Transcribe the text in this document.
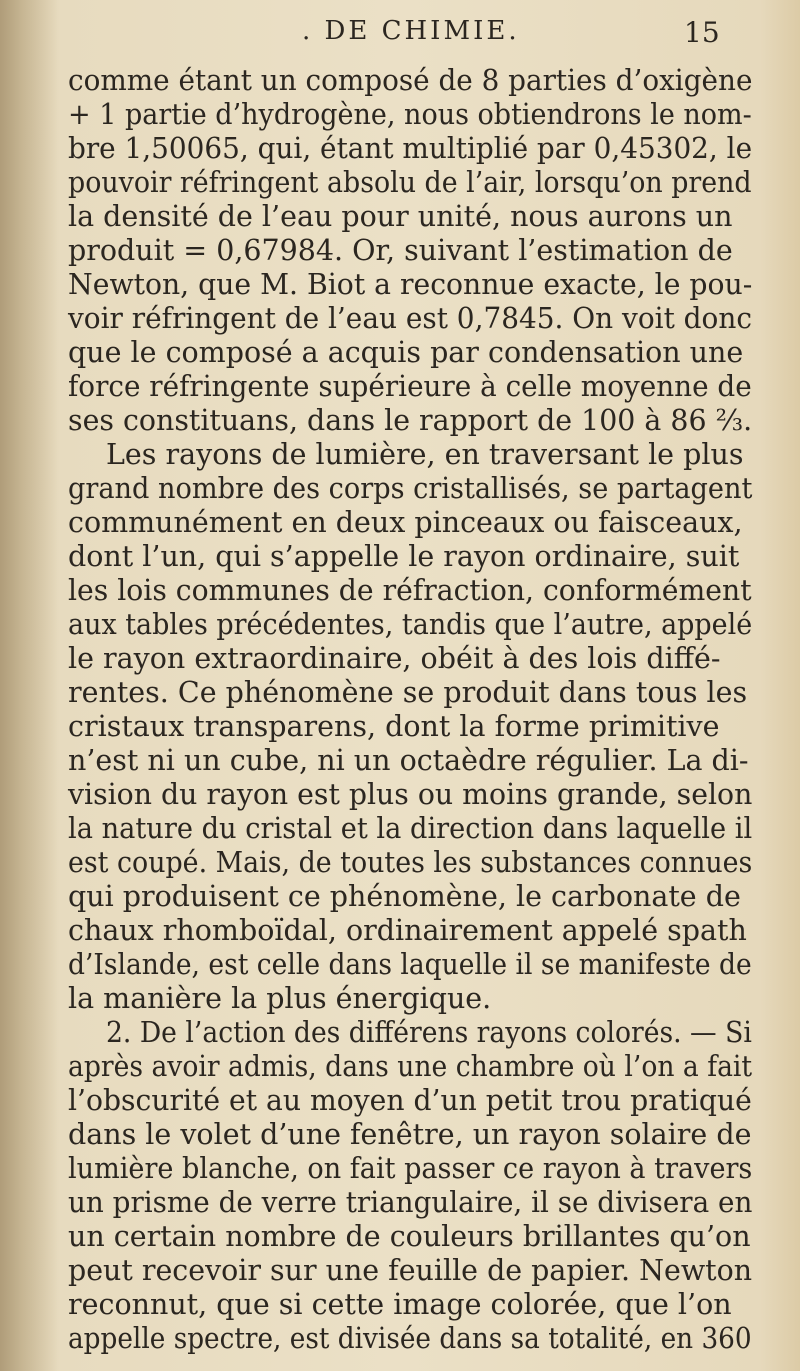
. DE CHIMIE.	15
comme étant un composé de 8 parties d’oxigène
+ 1 partie d’hydrogène, nous obtiendrons le nom-
bre 1,50065, qui, étant multiplié par 0,45302, le
pouvoir réfringent absolu de l’air, lorsqu’on prend
la densité de l’eau pour unité, nous aurons un
produit = 0,67984. Or, suivant l’estimation de
Newton, que M. Biot a reconnue exacte, le pou-
voir réfringent de l’eau est 0,7845. On voit donc
que le composé a acquis par condensation une
force réfringente supérieure à celle moyenne de
ses constituans, dans le rapport de 100 à 86 ⅔.
Les rayons de lumière, en traversant le plus
grand nombre des corps cristallisés, se partagent
communément en deux pinceaux ou faisceaux,
dont l’un, qui s’appelle le rayon ordinaire, suit
les lois communes de réfraction, conformément
aux tables précédentes, tandis que l’autre, appelé
le rayon extraordinaire, obéit à des lois diffé-
rentes. Ce phénomène se produit dans tous les
cristaux transparens, dont la forme primitive
n’est ni un cube, ni un octaèdre régulier. La di-
vision du rayon est plus ou moins grande, selon
la nature du cristal et la direction dans laquelle il
est coupé. Mais, de toutes les substances connues
qui produisent ce phénomène, le carbonate de
chaux rhomboïdal, ordinairement appelé spath
d’Islande, est celle dans laquelle il se manifeste de
la manière la plus énergique.
2. De l’action des différens rayons colorés. — Si
après avoir admis, dans une chambre où l’on a fait
l’obscurité et au moyen d’un petit trou pratiqué
dans le volet d’une fenêtre, un rayon solaire de
lumière blanche, on fait passer ce rayon à travers
un prisme de verre triangulaire, il se divisera en
un certain nombre de couleurs brillantes qu’on
peut recevoir sur une feuille de papier. Newton
reconnut, que si cette image colorée, que l’on
appelle spectre, est divisée dans sa totalité, en 360
